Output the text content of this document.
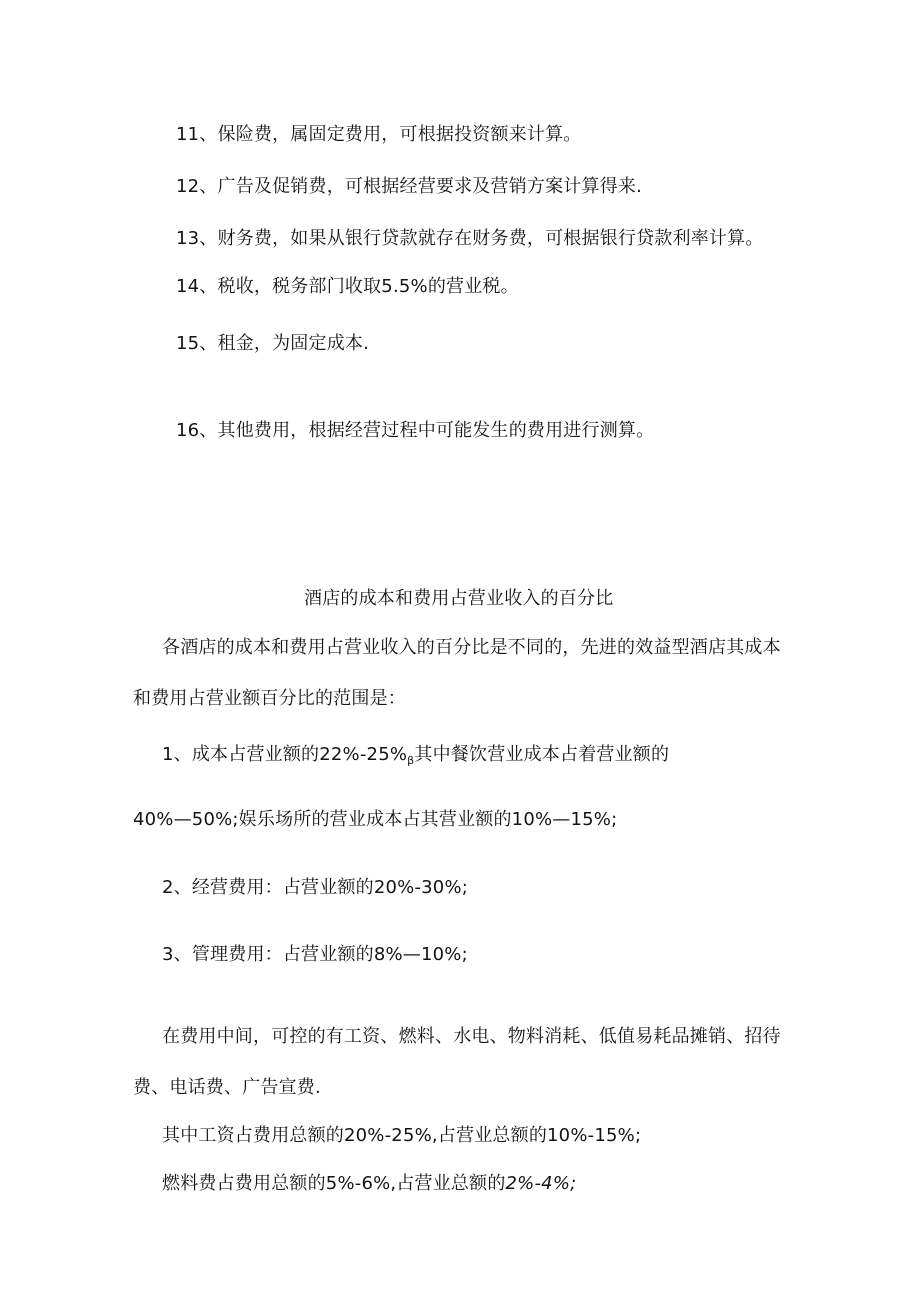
11、保险费，属固定费用，可根据投资额来计算。
12、广告及促销费，可根据经营要求及营销方案计算得来.
13、财务费，如果从银行贷款就存在财务费，可根据银行贷款利率计算。
14、税收，税务部门收取5.5%的营业税。
15、租金，为固定成本.
16、其他费用，根据经营过程中可能发生的费用进行测算。
酒店的成本和费用占营业收入的百分比
各酒店的成本和费用占营业收入的百分比是不同的，先进的效益型酒店其成本
和费用占营业额百分比的范围是：
1、成本占营业额的$22\%-25\%_\beta$其中餐饮营业成本占着营业额的
40%—50%;娱乐场所的营业成本占其营业额的10%—15%;
2、经营费用：占营业额的20%-30%;
3、管理费用：占营业额的8%—10%;
在费用中间，可控的有工资、燃料、水电、物料消耗、低值易耗品摊销、招待
费、电话费、广告宣费.
其中工资占费用总额的20%-25%,占营业总额的10%-15%;
燃料费占费用总额的5%-6%,占营业总额的2%-4%;
